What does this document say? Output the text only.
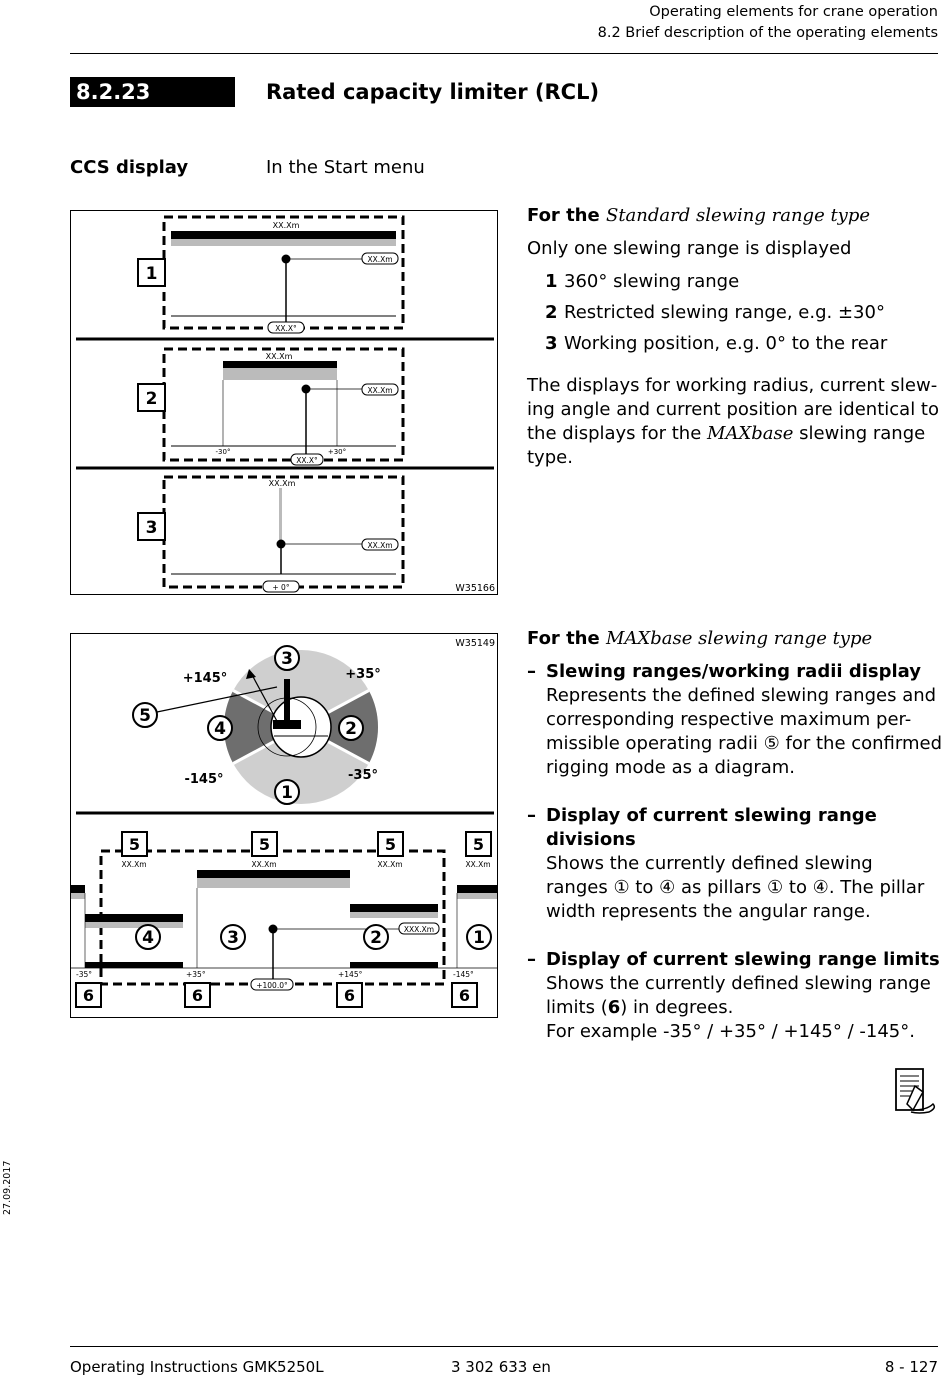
Operating elements for crane operation
8.2 Brief description of the operating elements
8.2.23	Rated capacity limiter (RCL)
CCS display	In the Start menu
XX.Xm
XX.Xm
XX.X°
1
XX.Xm
XX.Xm
-30°	+30°
XX.X°
2
XX.Xm
XX.Xm
+ 0°
3
W35166
For the Standard slewing range type
Only one slewing range is displayed
1 360° slewing range
2 Restricted slewing range, e.g. ±30°
3 Working position, e.g. 0° to the rear
The displays for working radius, current slew-
ing angle and current position are identical to
the displays for the MAXbase slewing range
type.
W35149
+145°	+35°
-145°	-35°
3
2
4
1
5
XXX.Xm
+100.0°
5	5	5	5
XX.Xm	XX.Xm	XX.Xm	XX.Xm
4	3	2	1
-35°	+35°	+145°	-145°
6	6	6	6
For the MAXbase slewing range type
– Slewing ranges/working radii display
Represents the defined slewing ranges and
corresponding respective maximum per-
missible operating radii ⑤ for the confirmed
rigging mode as a diagram.
– Display of current slewing range divisions
Shows the currently defined slewing
ranges ① to ④ as pillars ① to ④. The pillar
width represents the angular range.
– Display of current slewing range limits
Shows the currently defined slewing range
limits (6) in degrees.
For example -35° / +35° / +145° / -145°.
27.09.2017
Operating Instructions GMK5250L	3 302 633 en	8 - 127
